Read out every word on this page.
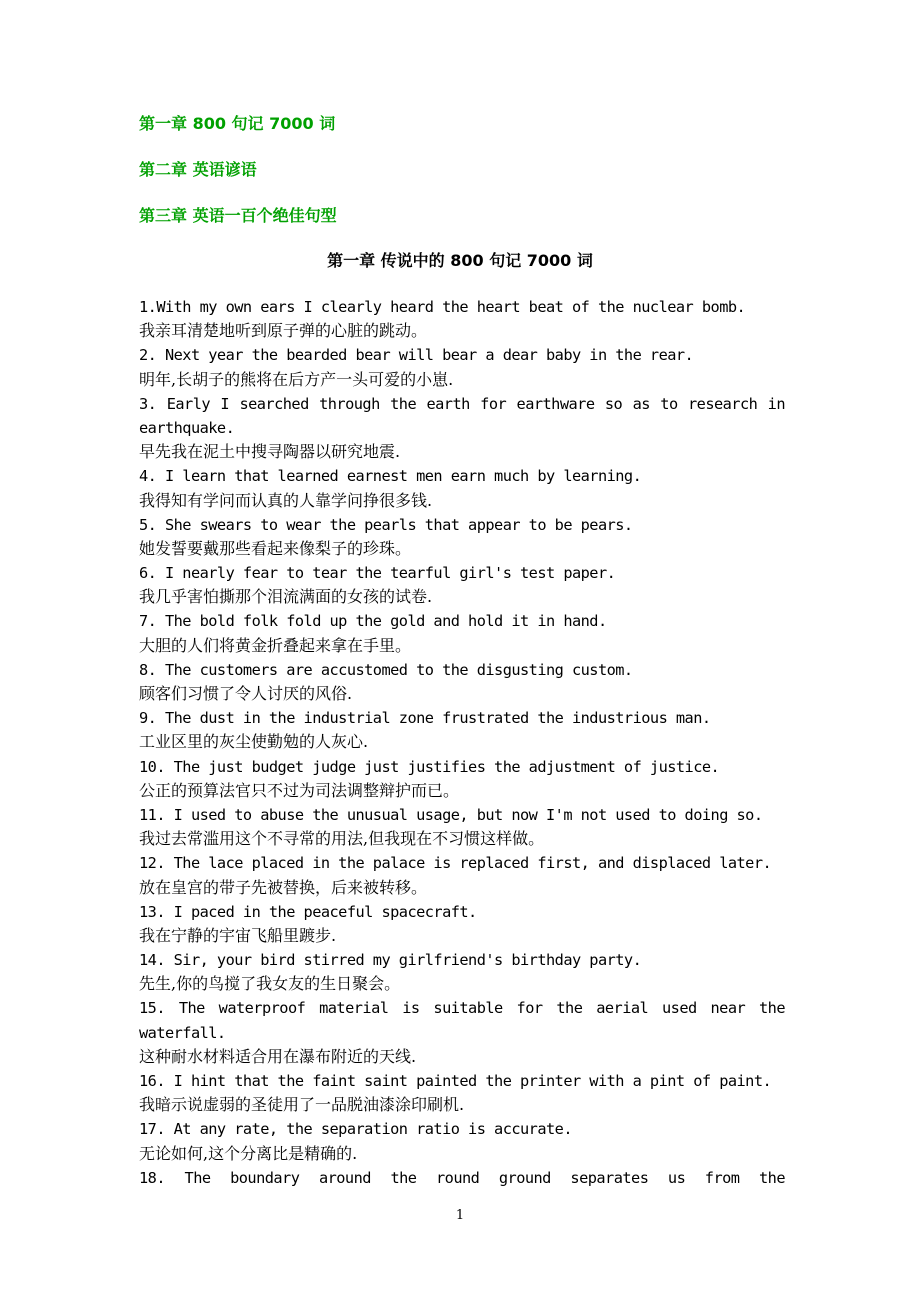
第一章 800 句记 7000 词
第二章 英语谚语
第三章 英语一百个绝佳句型
第一章 传说中的 800 句记 7000 词
1.With my own ears I clearly heard the heart beat of the nuclear bomb.
我亲耳清楚地听到原子弹的心脏的跳动。
2. Next year the bearded bear will bear a dear baby in the rear.
明年,长胡子的熊将在后方产一头可爱的小崽.
3. Early I searched through the earth for earthware so as to research in
earthquake.
早先我在泥土中搜寻陶器以研究地震.
4. I learn that learned earnest men earn much by learning.
我得知有学问而认真的人靠学问挣很多钱.
5. She swears to wear the pearls that appear to be pears.
她发誓要戴那些看起来像梨子的珍珠。
6. I nearly fear to tear the tearful girl's test paper.
我几乎害怕撕那个泪流满面的女孩的试卷.
7. The bold folk fold up the gold and hold it in hand.
大胆的人们将黄金折叠起来拿在手里。
8. The customers are accustomed to the disgusting custom.
顾客们习惯了令人讨厌的风俗.
9. The dust in the industrial zone frustrated the industrious man.
工业区里的灰尘使勤勉的人灰心.
10. The just budget judge just justifies the adjustment of justice.
公正的预算法官只不过为司法调整辩护而已。
11. I used to abuse the unusual usage, but now I'm not used to doing so.
我过去常滥用这个不寻常的用法,但我现在不习惯这样做。
12. The lace placed in the palace is replaced first, and displaced later.
放在皇宫的带子先被替换，后来被转移。
13. I paced in the peaceful spacecraft.
我在宁静的宇宙飞船里踱步.
14. Sir, your bird stirred my girlfriend's birthday party.
先生,你的鸟搅了我女友的生日聚会。
15. The waterproof material is suitable for the aerial used near the
waterfall.
这种耐水材料适合用在瀑布附近的天线.
16. I hint that the faint saint painted the printer with a pint of paint.
我暗示说虚弱的圣徒用了一品脱油漆涂印刷机.
17. At any rate, the separation ratio is accurate.
无论如何,这个分离比是精确的.
18. The boundary around the round ground separates us from the
1
